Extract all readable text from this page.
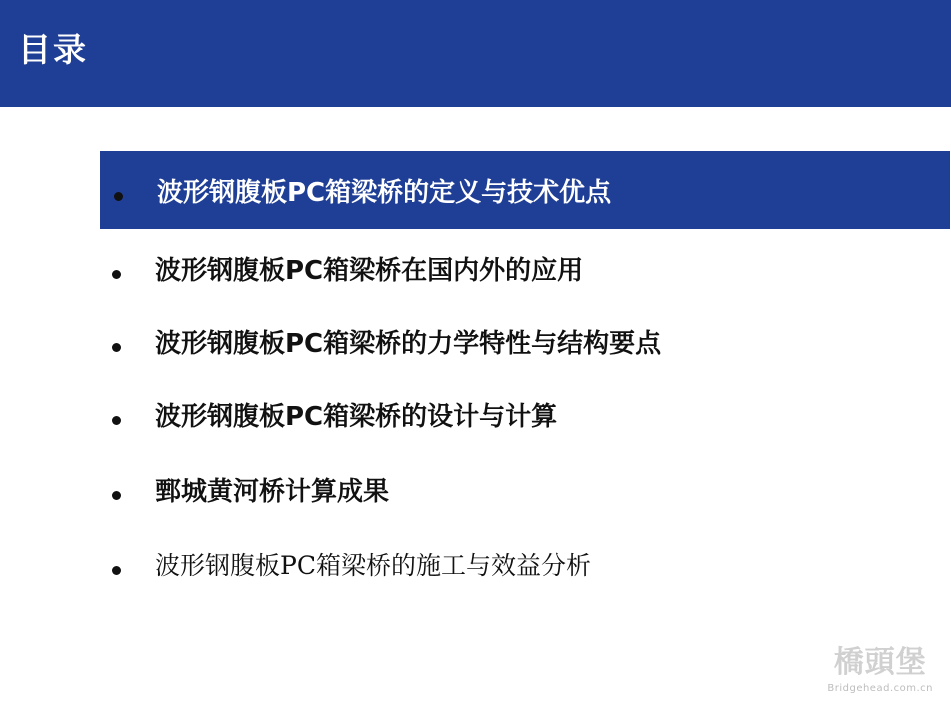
目录
波形钢腹板PC箱梁桥的定义与技术优点
波形钢腹板PC箱梁桥在国内外的应用
波形钢腹板PC箱梁桥的力学特性与结构要点
波形钢腹板PC箱梁桥的设计与计算
鄄城黄河桥计算成果
波形钢腹板PC箱梁桥的施工与效益分析
橋頭堡
Bridgehead.com.cn
